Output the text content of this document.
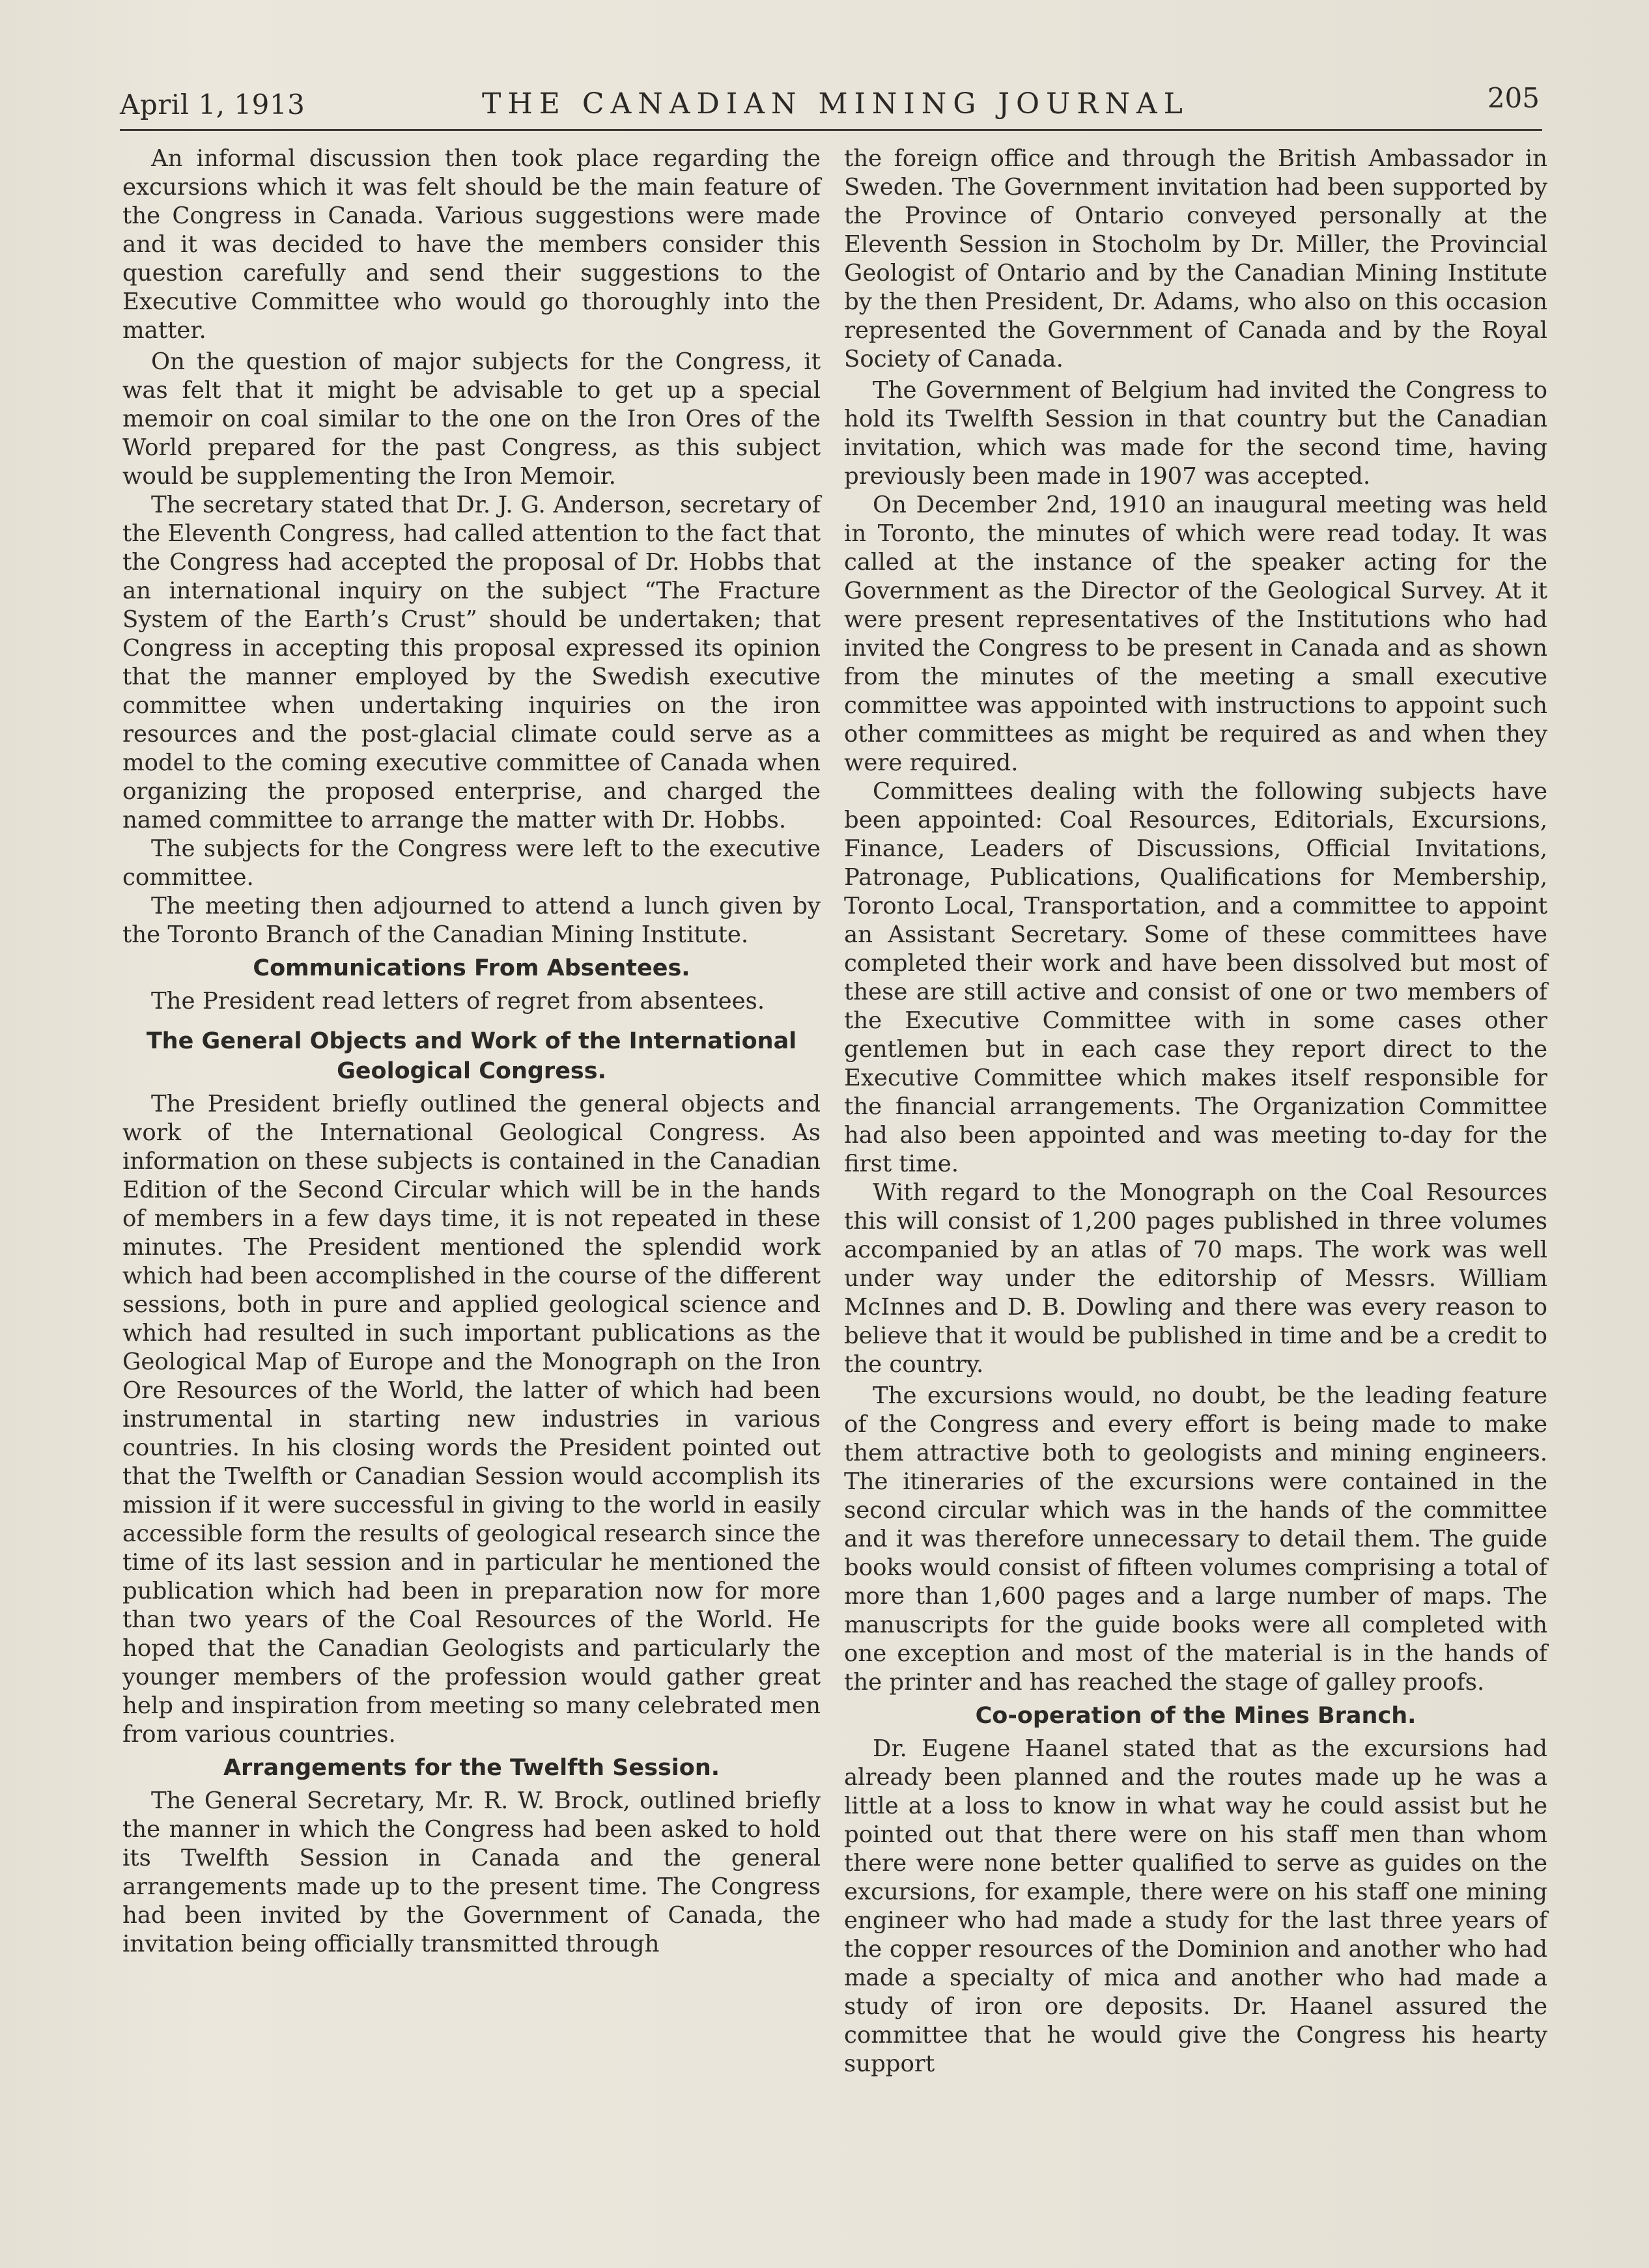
April 1, 1913	THE CANADIAN MINING JOURNAL	205

An informal discussion then took place regarding the excursions which it was felt should be the main feature of the Congress in Canada. Various suggestions were made and it was decided to have the members consider this question carefully and send their suggestions to the Executive Committee who would go thoroughly into the matter.

On the question of major subjects for the Congress, it was felt that it might be advisable to get up a special memoir on coal similar to the one on the Iron Ores of the World prepared for the past Congress, as this subject would be supplementing the Iron Memoir.

The secretary stated that Dr. J. G. Anderson, secretary of the Eleventh Congress, had called attention to the fact that the Congress had accepted the proposal of Dr. Hobbs that an international inquiry on the subject “The Fracture System of the Earth’s Crust” should be undertaken; that Congress in accepting this proposal expressed its opinion that the manner employed by the Swedish executive committee when undertaking inquiries on the iron resources and the post-glacial climate could serve as a model to the coming executive committee of Canada when organizing the proposed enterprise, and charged the named committee to arrange the matter with Dr. Hobbs.

The subjects for the Congress were left to the executive committee.

The meeting then adjourned to attend a lunch given by the Toronto Branch of the Canadian Mining Institute.

Communications From Absentees.

The President read letters of regret from absentees.

The General Objects and Work of the International Geological Congress.

The President briefly outlined the general objects and work of the International Geological Congress. As information on these subjects is contained in the Canadian Edition of the Second Circular which will be in the hands of members in a few days time, it is not repeated in these minutes. The President mentioned the splendid work which had been accomplished in the course of the different sessions, both in pure and applied geological science and which had resulted in such important publications as the Geological Map of Europe and the Monograph on the Iron Ore Resources of the World, the latter of which had been instrumental in starting new industries in various countries. In his closing words the President pointed out that the Twelfth or Canadian Session would accomplish its mission if it were successful in giving to the world in easily accessible form the results of geological research since the time of its last session and in particular he mentioned the publication which had been in preparation now for more than two years of the Coal Resources of the World. He hoped that the Canadian Geologists and particularly the younger members of the profession would gather great help and inspiration from meeting so many celebrated men from various countries.

Arrangements for the Twelfth Session.

The General Secretary, Mr. R. W. Brock, outlined briefly the manner in which the Congress had been asked to hold its Twelfth Session in Canada and the general arrangements made up to the present time. The Congress had been invited by the Government of Canada, the invitation being officially transmitted through

the foreign office and through the British Ambassador in Sweden. The Government invitation had been supported by the Province of Ontario conveyed personally at the Eleventh Session in Stocholm by Dr. Miller, the Provincial Geologist of Ontario and by the Canadian Mining Institute by the then President, Dr. Adams, who also on this occasion represented the Government of Canada and by the Royal Society of Canada.

The Government of Belgium had invited the Congress to hold its Twelfth Session in that country but the Canadian invitation, which was made for the second time, having previously been made in 1907 was accepted.

On December 2nd, 1910 an inaugural meeting was held in Toronto, the minutes of which were read today. It was called at the instance of the speaker acting for the Government as the Director of the Geological Survey. At it were present representatives of the Institutions who had invited the Congress to be present in Canada and as shown from the minutes of the meeting a small executive committee was appointed with instructions to appoint such other committees as might be required as and when they were required.

Committees dealing with the following subjects have been appointed: Coal Resources, Editorials, Excursions, Finance, Leaders of Discussions, Official Invitations, Patronage, Publications, Qualifications for Membership, Toronto Local, Transportation, and a committee to appoint an Assistant Secretary. Some of these committees have completed their work and have been dissolved but most of these are still active and consist of one or two members of the Executive Committee with in some cases other gentlemen but in each case they report direct to the Executive Committee which makes itself responsible for the financial arrangements. The Organization Committee had also been appointed and was meeting to-day for the first time.

With regard to the Monograph on the Coal Resources this will consist of 1,200 pages published in three volumes accompanied by an atlas of 70 maps. The work was well under way under the editorship of Messrs. William McInnes and D. B. Dowling and there was every reason to believe that it would be published in time and be a credit to the country.

The excursions would, no doubt, be the leading feature of the Congress and every effort is being made to make them attractive both to geologists and mining engineers. The itineraries of the excursions were contained in the second circular which was in the hands of the committee and it was therefore unnecessary to detail them. The guide books would consist of fifteen volumes comprising a total of more than 1,600 pages and a large number of maps. The manuscripts for the guide books were all completed with one exception and most of the material is in the hands of the printer and has reached the stage of galley proofs.

Co-operation of the Mines Branch.

Dr. Eugene Haanel stated that as the excursions had already been planned and the routes made up he was a little at a loss to know in what way he could assist but he pointed out that there were on his staff men than whom there were none better qualified to serve as guides on the excursions, for example, there were on his staff one mining engineer who had made a study for the last three years of the copper resources of the Dominion and another who had made a specialty of mica and another who had made a study of iron ore deposits. Dr. Haanel assured the committee that he would give the Congress his hearty support
